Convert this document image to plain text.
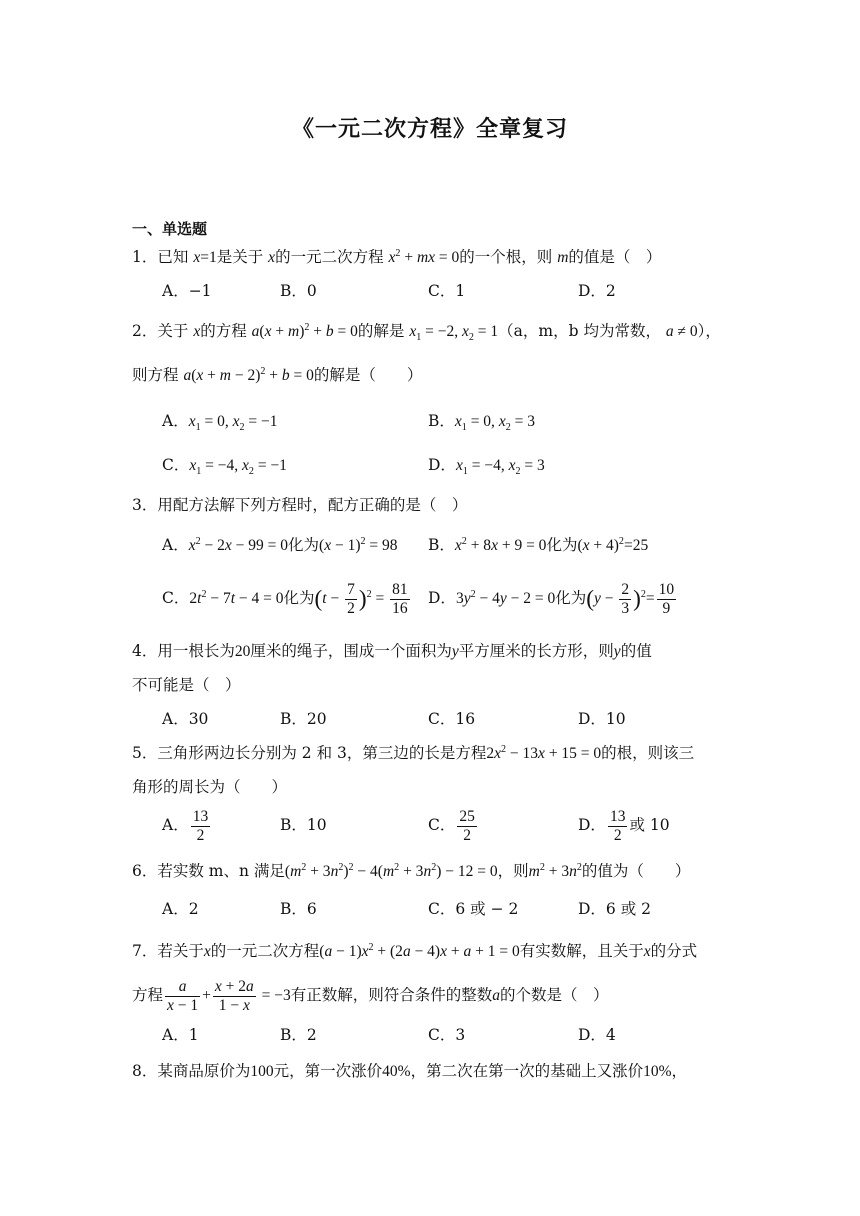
《一元二次方程》全章复习
一、单选题
1．已知 x=1是关于 x的一元二次方程 $x^2$ + mx = 0的一个根，则 m的值是（　）
A．−1	B．0	C．1	D．2
2．关于 x的方程 $a(x + m)^2 + b = 0$的解是 $x_1 = -2$, $x_2 = 1(a$，m，b 均为常数， a ≠ 0），
则方程 $a(x + m - 2)^2 + b = 0$的解是（　　）
A．$x_1 = 0$, $x_2 = -1$	B．$x_1 = 0$, $x_2 = 3$
C．$x_1 = -4$, $x_2 = -1$	D．$x_1 = -4$, $x_2 = 3$
3．用配方法解下列方程时，配方正确的是（　）
A．$x^2 - 2x - 99 = 0$化为$(x - 1)^2 = 98$ B．$x^2 + 8x + 9 = 0$化为$(x + 4)^2=25$
C．$2t^2 - 7t - 4 = 0$化为$(t - \frac{7}{2} )^2 = \frac{81}{16}$ D．$3y^2 - 4y - 2 = 0$化为$(y - \frac{2}{3} )^2= \frac{10}{9}$
4．用一根长为20厘米的绳子，围成一个面积为y平方厘米的长方形，则y的值
不可能是（　）
A．30	B．20	C．16	D．10
5．三角形两边长分别为 2 和 3，第三边的长是方程$2x^2 - 13x + 15 = 0$的根，则该三
角形的周长为（　　）
A． $\frac{13}{2}$	B．10	C． $\frac{25}{2}$	D． $\frac{13}{2}$ 或 10
6．若实数 m、n 满足$(m^2 + 3n^2)^2 - 4(m^2 + 3n^2) - 12 = 0$，则$m^2 + 3n^2$的值为（　　）
A．2	B．6	C．6 或 − 2	D．6 或 2
7．若关于x的一元二次方程$(a - 1)x^2 + (2a - 4)x + a + 1 = 0$有实数解，且关于x的分式
方程 $\frac{a}{x - 1} + \frac{x + 2a}{1 - x} = -3$有正数解，则符合条件的整数a的个数是（　）
A．1	B．2	C．3	D．4
8．某商品原价为100元，第一次涨价40%，第二次在第一次的基础上又涨价10%，
